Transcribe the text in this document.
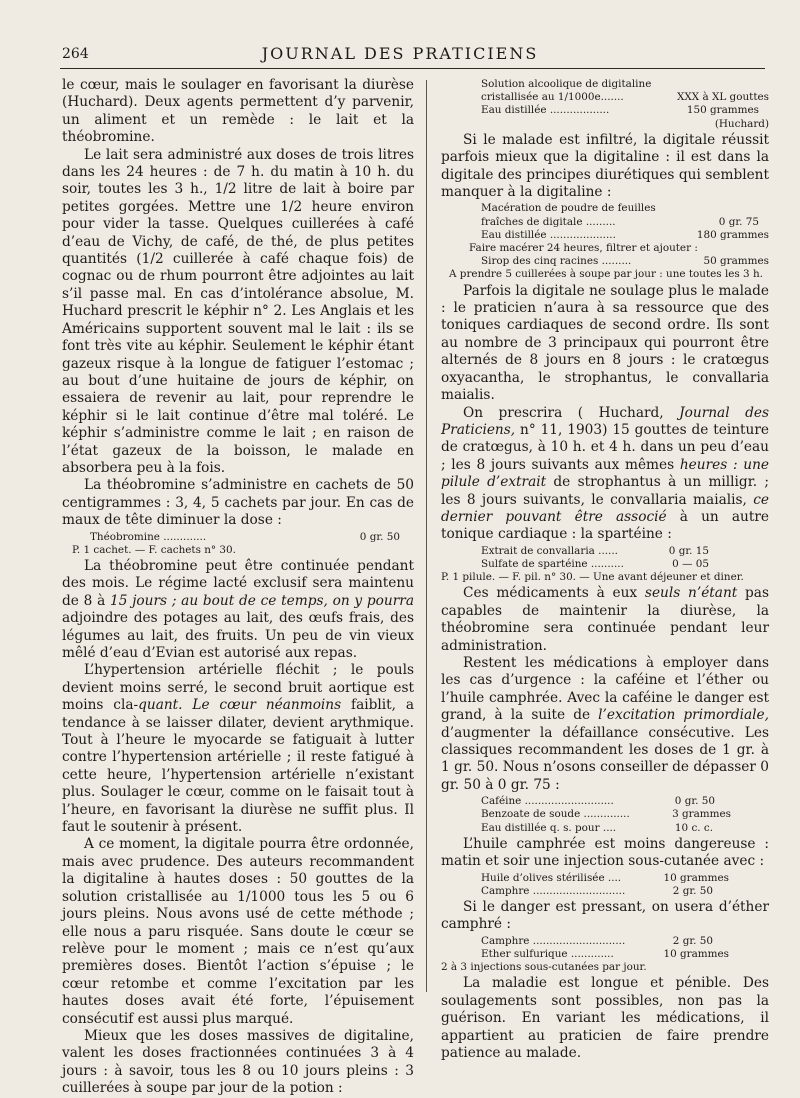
264	JOURNAL DES PRATICIENS

le cœur, mais le soulager en favorisant la diurèse (Huchard). Deux agents permettent d’y parvenir, un aliment et un remède : le lait et la théobromine.

Le lait sera administré aux doses de trois litres dans les 24 heures : de 7 h. du matin à 10 h. du soir, toutes les 3 h., 1/2 litre de lait à boire par petites gorgées. Mettre une 1/2 heure environ pour vider la tasse. Quelques cuillerées à café d’eau de Vichy, de café, de thé, de plus petites quantités (1/2 cuillerée à café chaque fois) de cognac ou de rhum pourront être adjointes au lait s’il passe mal. En cas d’intolérance absolue, M. Huchard prescrit le képhir n° 2. Les Anglais et les Américains supportent souvent mal le lait : ils se font très vite au képhir. Seulement le képhir étant gazeux risque à la longue de fatiguer l’estomac ; au bout d’une huitaine de jours de képhir, on essaiera de revenir au lait, pour reprendre le képhir si le lait continue d’être mal toléré. Le képhir s’administre comme le lait ; en raison de l’état gazeux de la boisson, le malade en absorbera peu à la fois.

La théobromine s’administre en cachets de 50 centigrammes : 3, 4, 5 cachets par jour. En cas de maux de tête diminuer la dose :

Théobromine .............	0 gr. 50
P. 1 cachet. — F. cachets n° 30.

La théobromine peut être continuée pendant des mois. Le régime lacté exclusif sera maintenu de 8 à 15 jours ; au bout de ce temps, on y pourra adjoindre des potages au lait, des œufs frais, des légumes au lait, des fruits. Un peu de vin vieux mêlé d’eau d’Evian est autorisé aux repas.

L’hypertension artérielle fléchit ; le pouls devient moins serré, le second bruit aortique est moins cla-quant. Le cœur néanmoins faiblit, a tendance à se laisser dilater, devient arythmique. Tout à l’heure le myocarde se fatiguait à lutter contre l’hypertension artérielle ; il reste fatigué à cette heure, l’hypertension artérielle n’existant plus. Soulager le cœur, comme on le faisait tout à l’heure, en favorisant la diurèse ne suffit plus. Il faut le soutenir à présent.

A ce moment, la digitale pourra être ordonnée, mais avec prudence. Des auteurs recommandent la digitaline à hautes doses : 50 gouttes de la solution cristallisée au 1/1000 tous les 5 ou 6 jours pleins. Nous avons usé de cette méthode ; elle nous a paru risquée. Sans doute le cœur se relève pour le moment ; mais ce n’est qu’aux premières doses. Bientôt l’action s’épuise ; le cœur retombe et comme l’excitation par les hautes doses avait été forte, l’épuisement consécutif est aussi plus marqué.

Mieux que les doses massives de digitaline, valent les doses fractionnées continuées 3 à 4 jours : à savoir, tous les 8 ou 10 jours pleins : 3 cuillerées à soupe par jour de la potion :

Solution alcoolique de digitaline
cristallisée au 1/1000e.......	XXX à XL gouttes
Eau distillée ..................	150 grammes
(Huchard)

Si le malade est infiltré, la digitale réussit parfois mieux que la digitaline : il est dans la digitale des principes diurétiques qui semblent manquer à la digitaline :

Macération de poudre de feuilles
fraîches de digitale .........	0 gr. 75
Eau distillée ....................	180 grammes
Faire macérer 24 heures, filtrer et ajouter :
Sirop des cinq racines .........	50 grammes
A prendre 5 cuillerées à soupe par jour : une toutes les 3 h.

Parfois la digitale ne soulage plus le malade : le praticien n’aura à sa ressource que des toniques cardiaques de second ordre. Ils sont au nombre de 3 principaux qui pourront être alternés de 8 jours en 8 jours : le cratœgus oxyacantha, le strophantus, le convallaria maialis.

On prescrira ( Huchard, Journal des Praticiens, n° 11, 1903) 15 gouttes de teinture de cratœgus, à 10 h. et 4 h. dans un peu d’eau ; les 8 jours suivants aux mêmes heures : une pilule d’extrait de strophantus à un milligr. ; les 8 jours suivants, le convallaria maialis, ce dernier pouvant être associé à un autre tonique cardiaque : la spartéine :

Extrait de convallaria ......	0 gr. 15
Sulfate de spartéine ..........	0 — 05
P. 1 pilule. — F. pil. n° 30. — Une avant déjeuner et diner.

Ces médicaments à eux seuls n’étant pas capables de maintenir la diurèse, la théobromine sera continuée pendant leur administration.

Restent les médications à employer dans les cas d’urgence : la caféine et l’éther ou l’huile camphrée. Avec la caféine le danger est grand, à la suite de l’excitation primordiale, d’augmenter la défaillance consécutive. Les classiques recommandent les doses de 1 gr. à 1 gr. 50. Nous n’osons conseiller de dépasser 0 gr. 50 à 0 gr. 75 :

Caféine ...........................	0 gr. 50
Benzoate de soude ..............	3 grammes
Eau distillée q. s. pour ....	10 c. c.

L’huile camphrée est moins dangereuse : matin et soir une injection sous-cutanée avec :

Huile d’olives stérilisée ....	10 grammes
Camphre ............................	2 gr. 50

Si le danger est pressant, on usera d’éther camphré :

Camphre ............................	2 gr. 50
Ether sulfurique .............	10 grammes
2 à 3 injections sous-cutanées par jour.

La maladie est longue et pénible. Des soulagements sont possibles, non pas la guérison. En variant les médications, il appartient au praticien de faire prendre patience au malade.
